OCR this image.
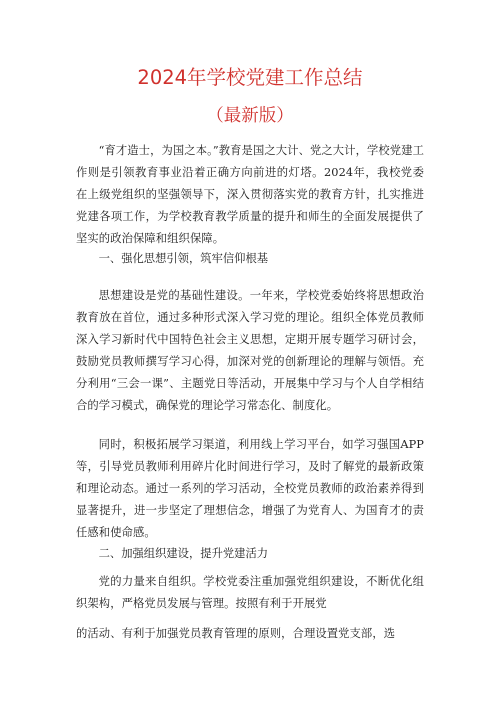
2024年学校党建工作总结
（最新版）

“育才造士，为国之本。”教育是国之大计、党之大计，学校党建工作则是引领教育事业沿着正确方向前进的灯塔。2024年，我校党委在上级党组织的坚强领导下，深入贯彻落实党的教育方针，扎实推进党建各项工作，为学校教育教学质量的提升和师生的全面发展提供了坚实的政治保障和组织保障。

一、强化思想引领，筑牢信仰根基

思想建设是党的基础性建设。一年来，学校党委始终将思想政治教育放在首位，通过多种形式深入学习党的理论。组织全体党员教师深入学习新时代中国特色社会主义思想，定期开展专题学习研讨会，鼓励党员教师撰写学习心得，加深对党的创新理论的理解与领悟。充分利用“三会一课”、主题党日等活动，开展集中学习与个人自学相结合的学习模式，确保党的理论学习常态化、制度化。

同时，积极拓展学习渠道，利用线上学习平台，如学习强国APP等，引导党员教师利用碎片化时间进行学习，及时了解党的最新政策和理论动态。通过一系列的学习活动，全校党员教师的政治素养得到显著提升，进一步坚定了理想信念，增强了为党育人、为国育才的责任感和使命感。

二、加强组织建设，提升党建活力

党的力量来自组织。学校党委注重加强党组织建设，不断优化组织架构，严格党员发展与管理。按照有利于开展党

的活动、有利于加强党员教育管理的原则，合理设置党支部，选
